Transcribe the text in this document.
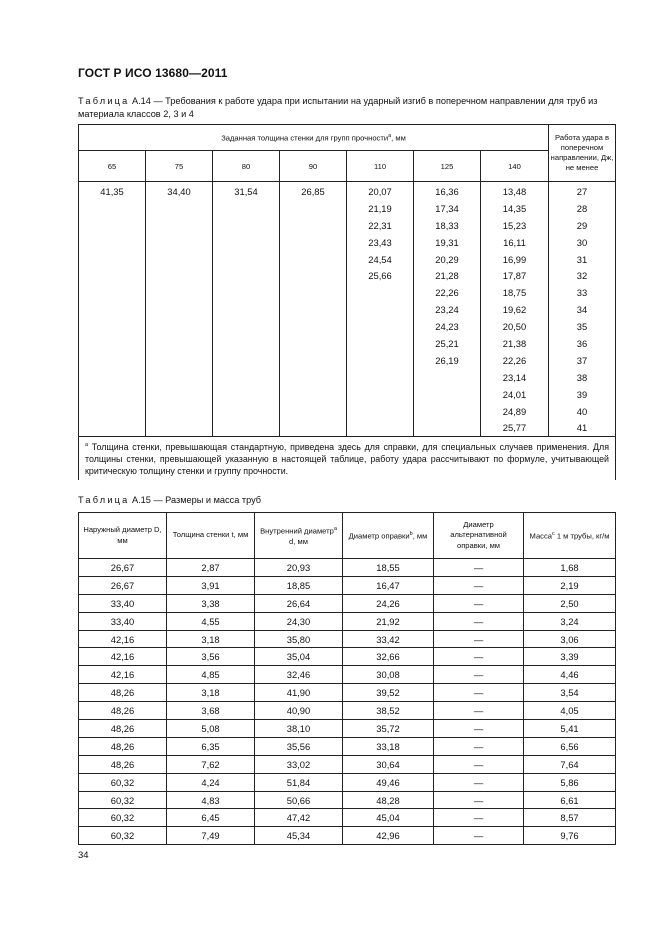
ГОСТ Р ИСО 13680—2011
Таблица А.14 — Требования к работе удара при испытании на ударный изгиб в поперечном направлении для труб из материала классов 2, 3 и 4
Заданная толщина стенки для групп прочности$^а$, мм							Работа удара в поперечном направлении, Дж, не менее
65	75	80	90	110	125	140	
41,35	34,40	31,54	26,85	20,07	16,36	13,48	27
				21,19	17,34	14,35	28
				22,31	18,33	15,23	29
				23,43	19,31	16,11	30
				24,54	20,29	16,99	31
				25,66	21,28	17,87	32
					22,26	18,75	33
					23,24	19,62	34
					24,23	20,50	35
					25,21	21,38	36
					26,19	22,26	37
						23,14	38
						24,01	39
						24,89	40
						25,77	41
$^а$ Толщина стенки, превышающая стандартную, приведена здесь для справки, для специальных случаев применения. Для толщины стенки, превышающей указанную в настоящей таблице, работу удара рассчитывают по формуле, учитывающей критическую толщину стенки и группу прочности.							
Таблица А.15 — Размеры и масса труб
Наружный диаметр D, мм	Толщина стенки t, мм	Внутренний диаметр$^а$ d, мм	Диаметр оправки$^b$, мм	Диаметр альтернативной оправки, мм	Масса$^с$ 1 м трубы, кг/м
26,67	2,87	20,93	18,55	—	1,68
26,67	3,91	18,85	16,47	—	2,19
33,40	3,38	26,64	24,26	—	2,50
33,40	4,55	24,30	21,92	—	3,24
42,16	3,18	35,80	33,42	—	3,06
42,16	3,56	35,04	32,66	—	3,39
42,16	4,85	32,46	30,08	—	4,46
48,26	3,18	41,90	39,52	—	3,54
48,26	3,68	40,90	38,52	—	4,05
48,26	5,08	38,10	35,72	—	5,41
48,26	6,35	35,56	33,18	—	6,56
48,26	7,62	33,02	30,64	—	7,64
60,32	4,24	51,84	49,46	—	5,86
60,32	4,83	50,66	48,28	—	6,61
60,32	6,45	47,42	45,04	—	8,57
60,32	7,49	45,34	42,96	—	9,76
34
